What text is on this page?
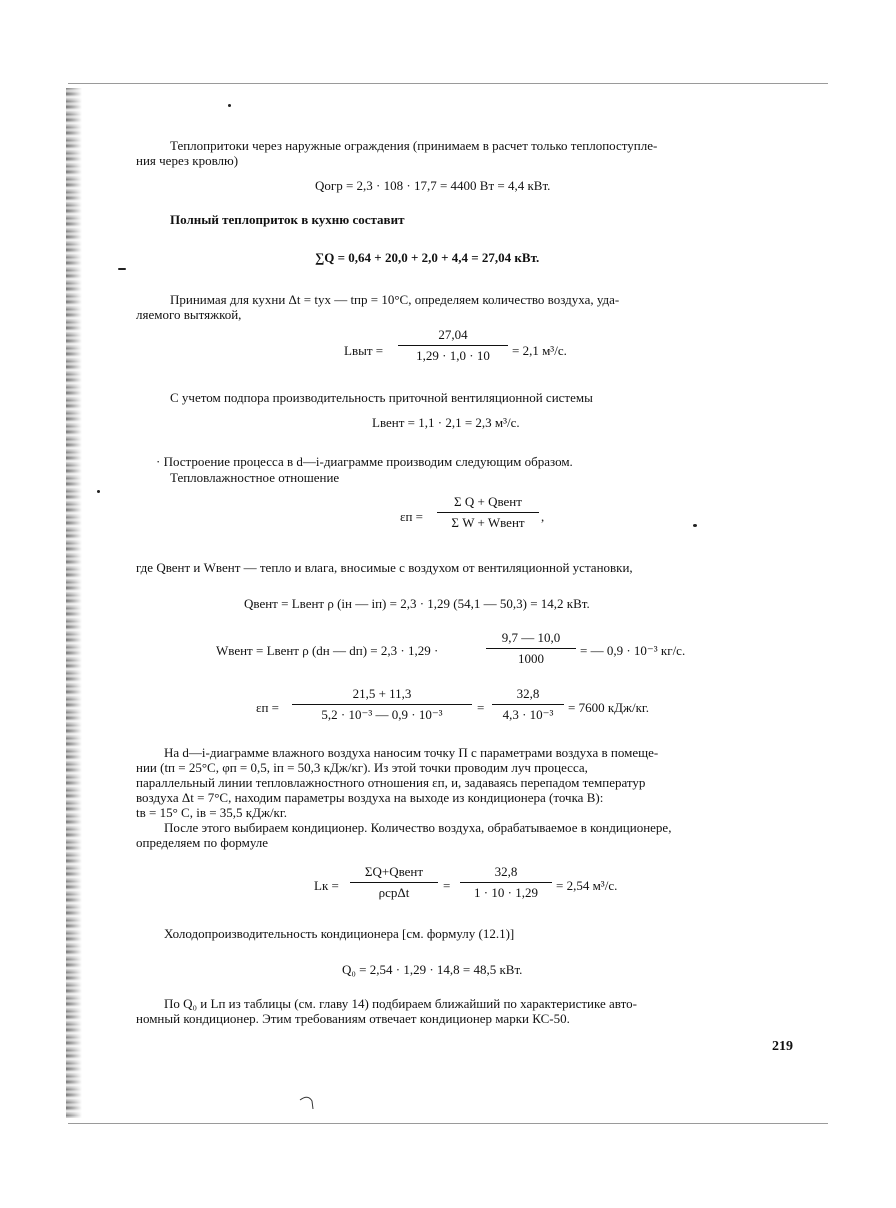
Теплопритоки через наружные ограждения (принимаем в расчет только теплопоступле-
ния через кровлю)
Qогр = 2,3 · 108 · 17,7 = 4400 Вт = 4,4 кВт.
Полный теплоприток в кухню составит
∑Q = 0,64 + 20,0 + 2,0 + 4,4 = 27,04 кВт.
Принимая для кухни Δt = tух — tпр = 10°С, определяем количество воздуха, уда-
ляемого вытяжкой,
Lвыт = $\frac{27,04}{1,29 \cdot 1,0 \cdot 10} = 2,1$ м³/с.
С учетом подпора производительность приточной вентиляционной системы
Lвент = 1,1 · 2,1 = 2,3 м³/с.
· Построение процесса в d—i-диаграмме производим следующим образом.
Тепловлажностное отношение
εп =
Σ Q + Qвент
Σ W + Wвент	,
где Qвент и Wвент — тепло и влага, вносимые с воздухом от вентиляционной установки,
Qвент = Lвент ρ (iн — iп) = 2,3 · 1,29 (54,1 — 50,3) = 14,2 кВт.
Wвент = Lвент ρ (dн — dп) = 2,3 · 1,29 ·	$\frac{9,7 — 10,0}{1000}$ = — 0,9 · 10⁻³ кг/с.
$\varepsilon п = \frac{21,5 + 11,3}{\text{5,2 · 10⁻³ — 0,9 · 10⁻³}} = \frac{32,8}{\text{4,3 · 10⁻³}} = 7600$ кДж/кг.
На d—i-диаграмме влажного воздуха наносим точку П с параметрами воздуха в помеще-
нии (tп = 25°С, φп = 0,5, iп = 50,3 кДж/кг). Из этой точки проводим луч процесса,
параллельный линии тепловлажностного отношения εп, и, задаваясь перепадом температур
воздуха Δt = 7°С, находим параметры воздуха на выходе из кондиционера (точка В):
tв = 15° С, iв = 35,5 кДж/кг.
После этого выбираем кондиционер. Количество воздуха, обрабатываемое в кондиционере,
определяем по формуле
Lк =
ΣQ+Qвент
ρcрΔt	= $\frac{32,8}{1 \cdot 10 \cdot 1,29} = 2,54$ м³/с.
Холодопроизводительность кондиционера [см. формулу (12.1)]
Q₀ = 2,54 · 1,29 · 14,8 = 48,5 кВт.
По Q₀ и Lп из таблицы (см. главу 14) подбираем ближайший по характеристике авто-
номный кондиционер. Этим требованиям отвечает кондиционер марки КС-50.
219
